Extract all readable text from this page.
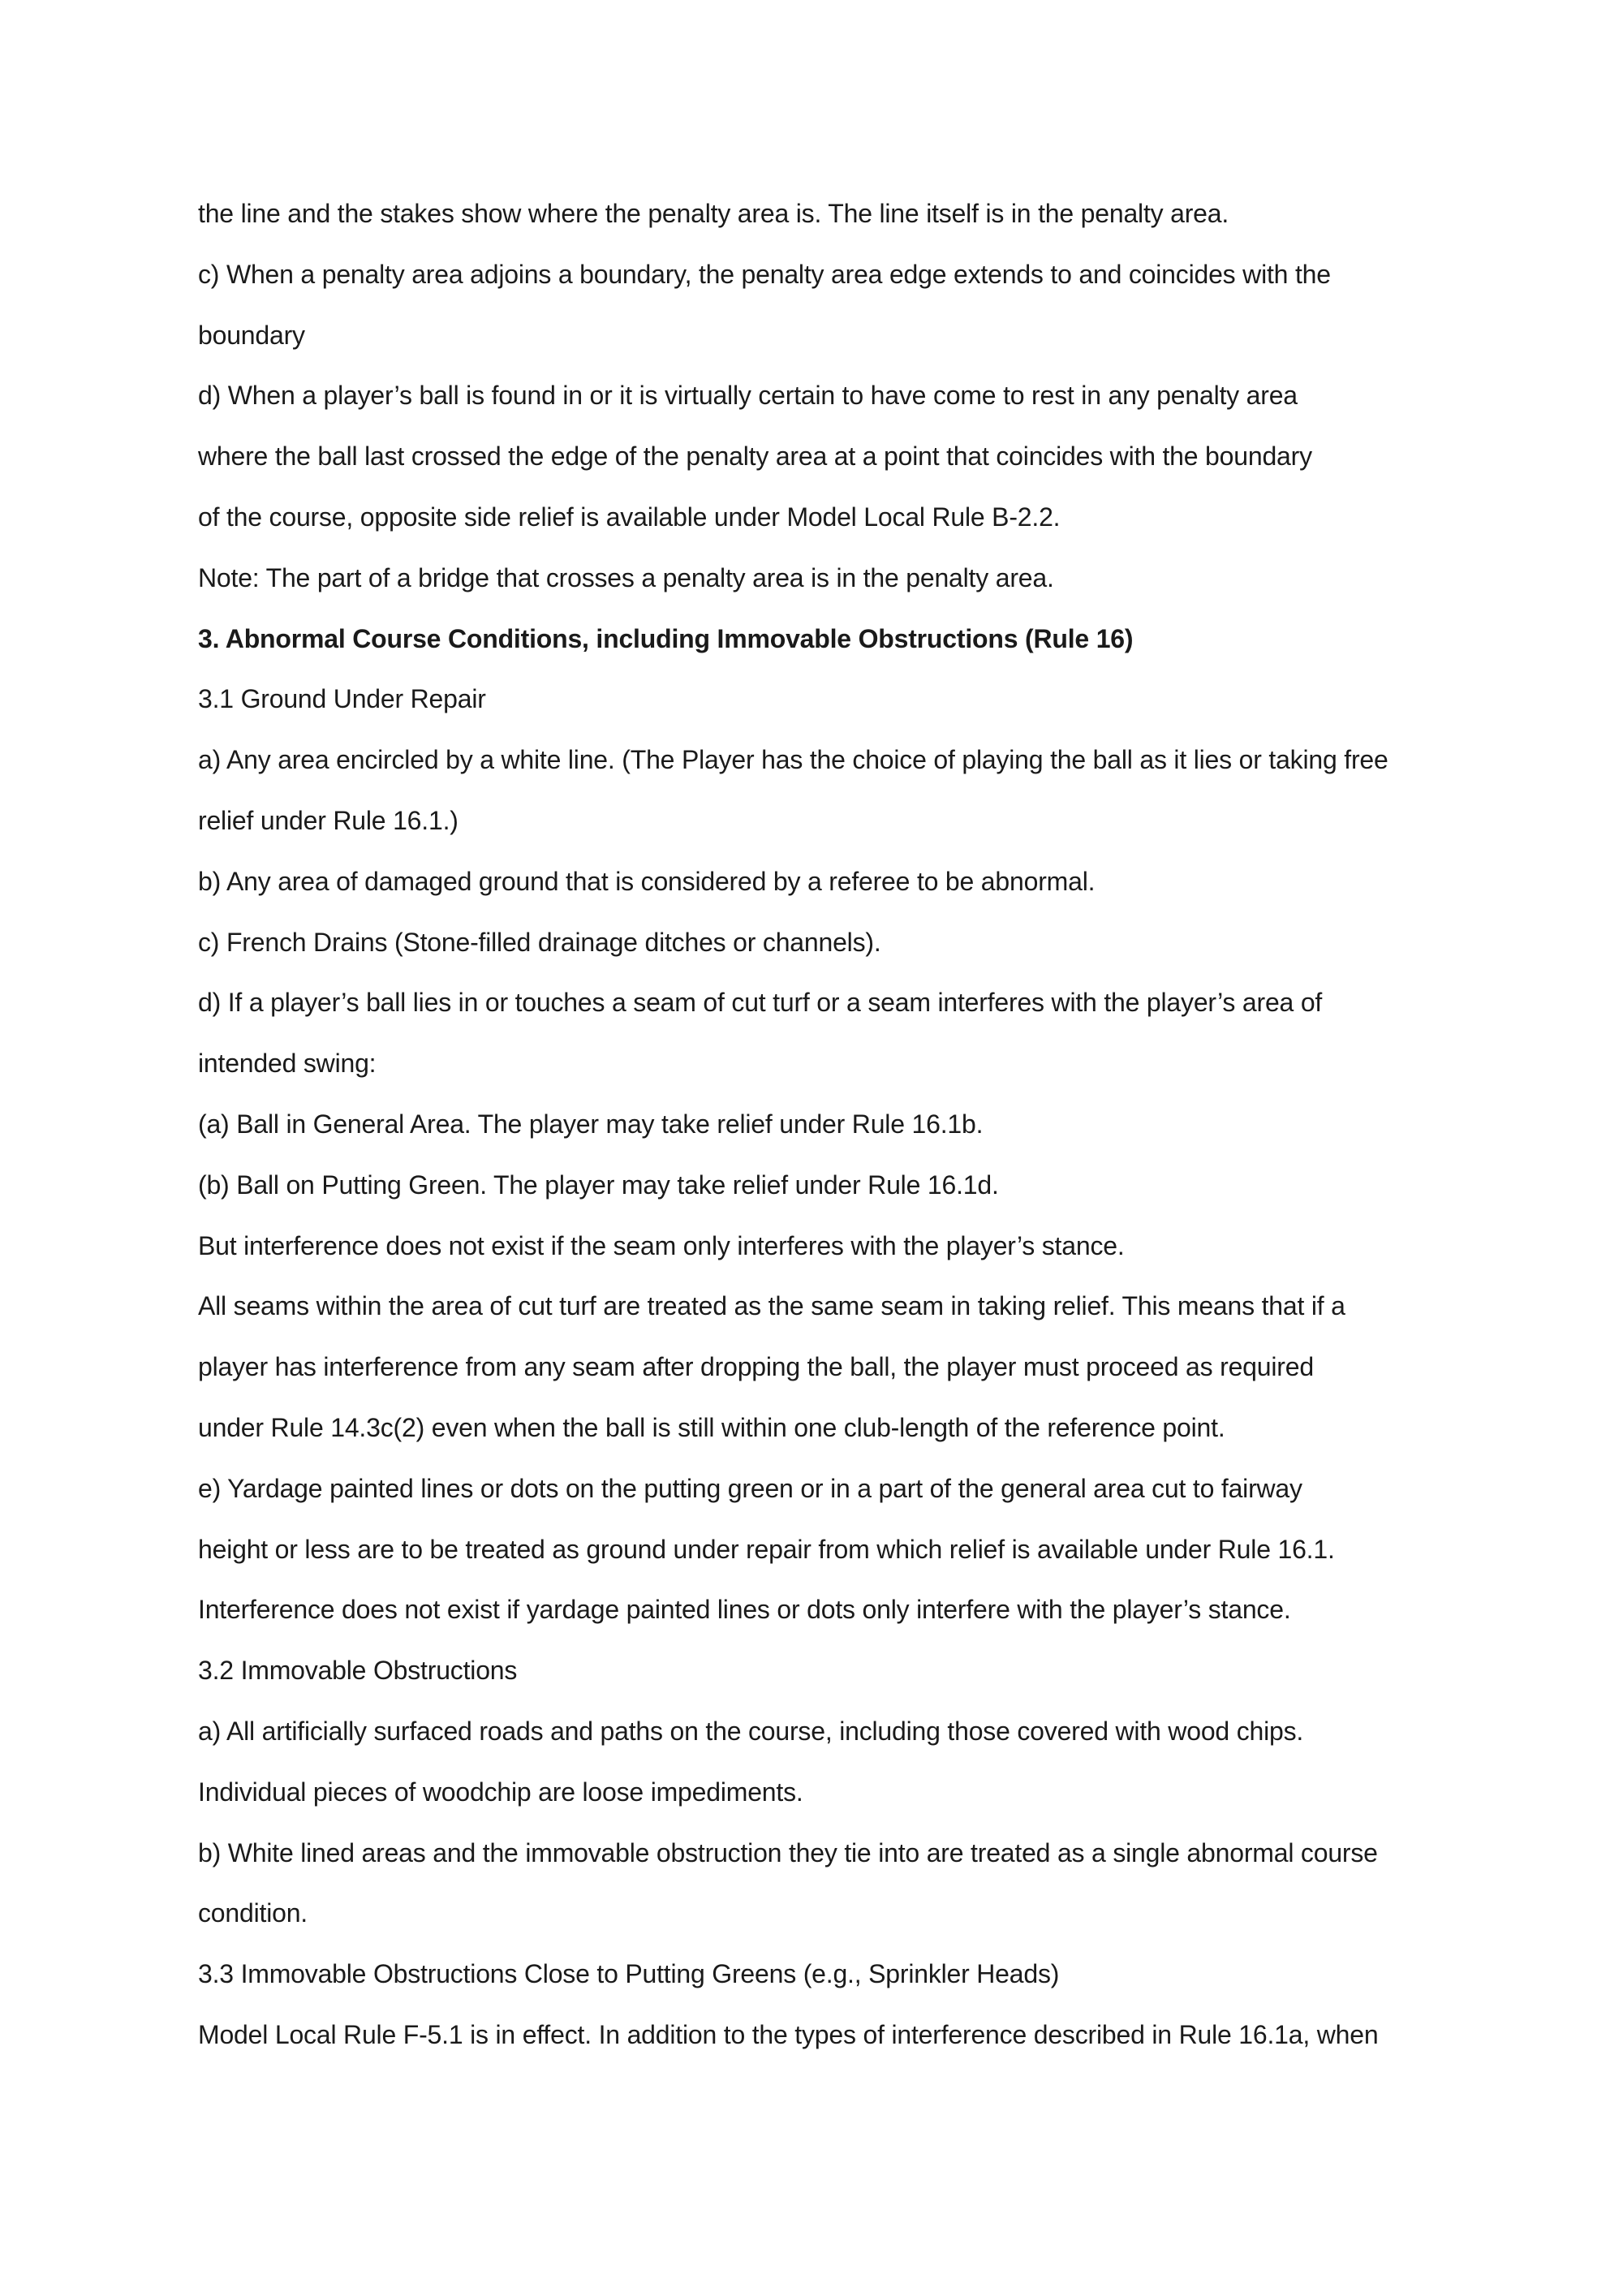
the line and the stakes show where the penalty area is. The line itself is in the penalty area.
c) When a penalty area adjoins a boundary, the penalty area edge extends to and coincides with the
boundary
d) When a player’s ball is found in or it is virtually certain to have come to rest in any penalty area
where the ball last crossed the edge of the penalty area at a point that coincides with the boundary
of the course, opposite side relief is available under Model Local Rule B-2.2.
Note: The part of a bridge that crosses a penalty area is in the penalty area.
3. Abnormal Course Conditions, including Immovable Obstructions (Rule 16)
3.1 Ground Under Repair
a) Any area encircled by a white line. (The Player has the choice of playing the ball as it lies or taking free
relief under Rule 16.1.)
b) Any area of damaged ground that is considered by a referee to be abnormal.
c) French Drains (Stone-filled drainage ditches or channels).
d) If a player’s ball lies in or touches a seam of cut turf or a seam interferes with the player’s area of
intended swing:
(a) Ball in General Area. The player may take relief under Rule 16.1b.
(b) Ball on Putting Green. The player may take relief under Rule 16.1d.
But interference does not exist if the seam only interferes with the player’s stance.
All seams within the area of cut turf are treated as the same seam in taking relief. This means that if a
player has interference from any seam after dropping the ball, the player must proceed as required
under Rule 14.3c(2) even when the ball is still within one club-length of the reference point.
e) Yardage painted lines or dots on the putting green or in a part of the general area cut to fairway
height or less are to be treated as ground under repair from which relief is available under Rule 16.1.
Interference does not exist if yardage painted lines or dots only interfere with the player’s stance.
3.2 Immovable Obstructions
a) All artificially surfaced roads and paths on the course, including those covered with wood chips.
Individual pieces of woodchip are loose impediments.
b) White lined areas and the immovable obstruction they tie into are treated as a single abnormal course
condition.
3.3 Immovable Obstructions Close to Putting Greens (e.g., Sprinkler Heads)
Model Local Rule F-5.1 is in effect. In addition to the types of interference described in Rule 16.1a, when
